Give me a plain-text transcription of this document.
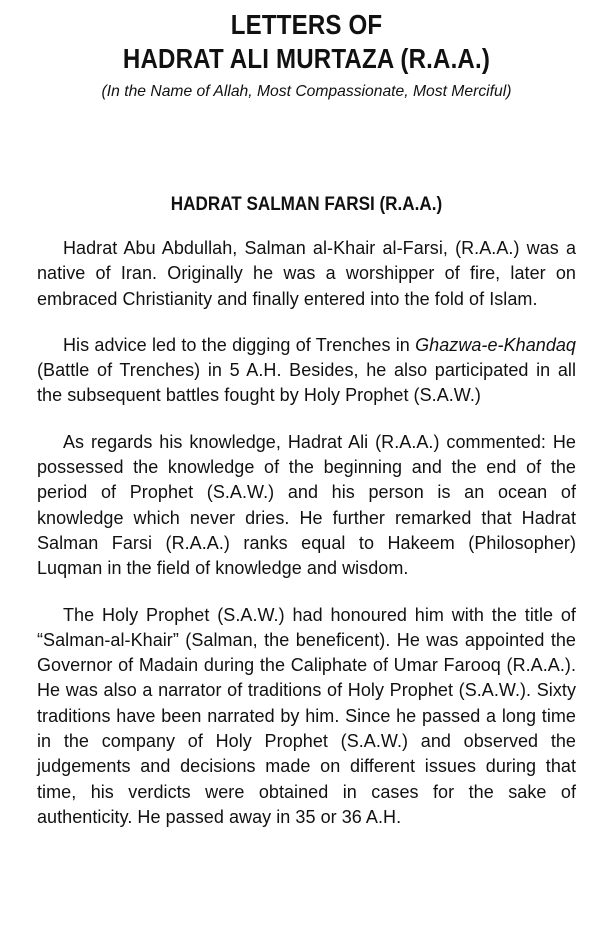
LETTERS OF
HADRAT ALI MURTAZA (R.A.A.)
(In the Name of Allah, Most Compassionate, Most Merciful)
HADRAT SALMAN FARSI (R.A.A.)

Hadrat Abu Abdullah, Salman al-Khair al-Farsi, (R.A.A.) was a native of Iran. Originally he was a worshipper of fire, later on embraced Christianity and finally entered into the fold of Islam.

His advice led to the digging of Trenches in Ghazwa-e-Khandaq (Battle of Trenches) in 5 A.H. Besides, he also participated in all the subsequent battles fought by Holy Prophet (S.A.W.)

As regards his knowledge, Hadrat Ali (R.A.A.) commented: He possessed the knowledge of the beginning and the end of the period of Prophet (S.A.W.) and his person is an ocean of knowledge which never dries. He further remarked that Hadrat Salman Farsi (R.A.A.) ranks equal to Hakeem (Philosopher) Luqman in the field of knowledge and wisdom.

The Holy Prophet (S.A.W.) had honoured him with the title of “Salman-al-Khair” (Salman, the beneficent). He was appointed the Governor of Madain during the Caliphate of Umar Farooq (R.A.A.). He was also a narrator of traditions of Holy Prophet (S.A.W.). Sixty traditions have been narrated by him. Since he passed a long time in the company of Holy Prophet (S.A.W.) and observed the judgements and decisions made on different issues during that time, his verdicts were obtained in cases for the sake of authenticity. He passed away in 35 or 36 A.H.
